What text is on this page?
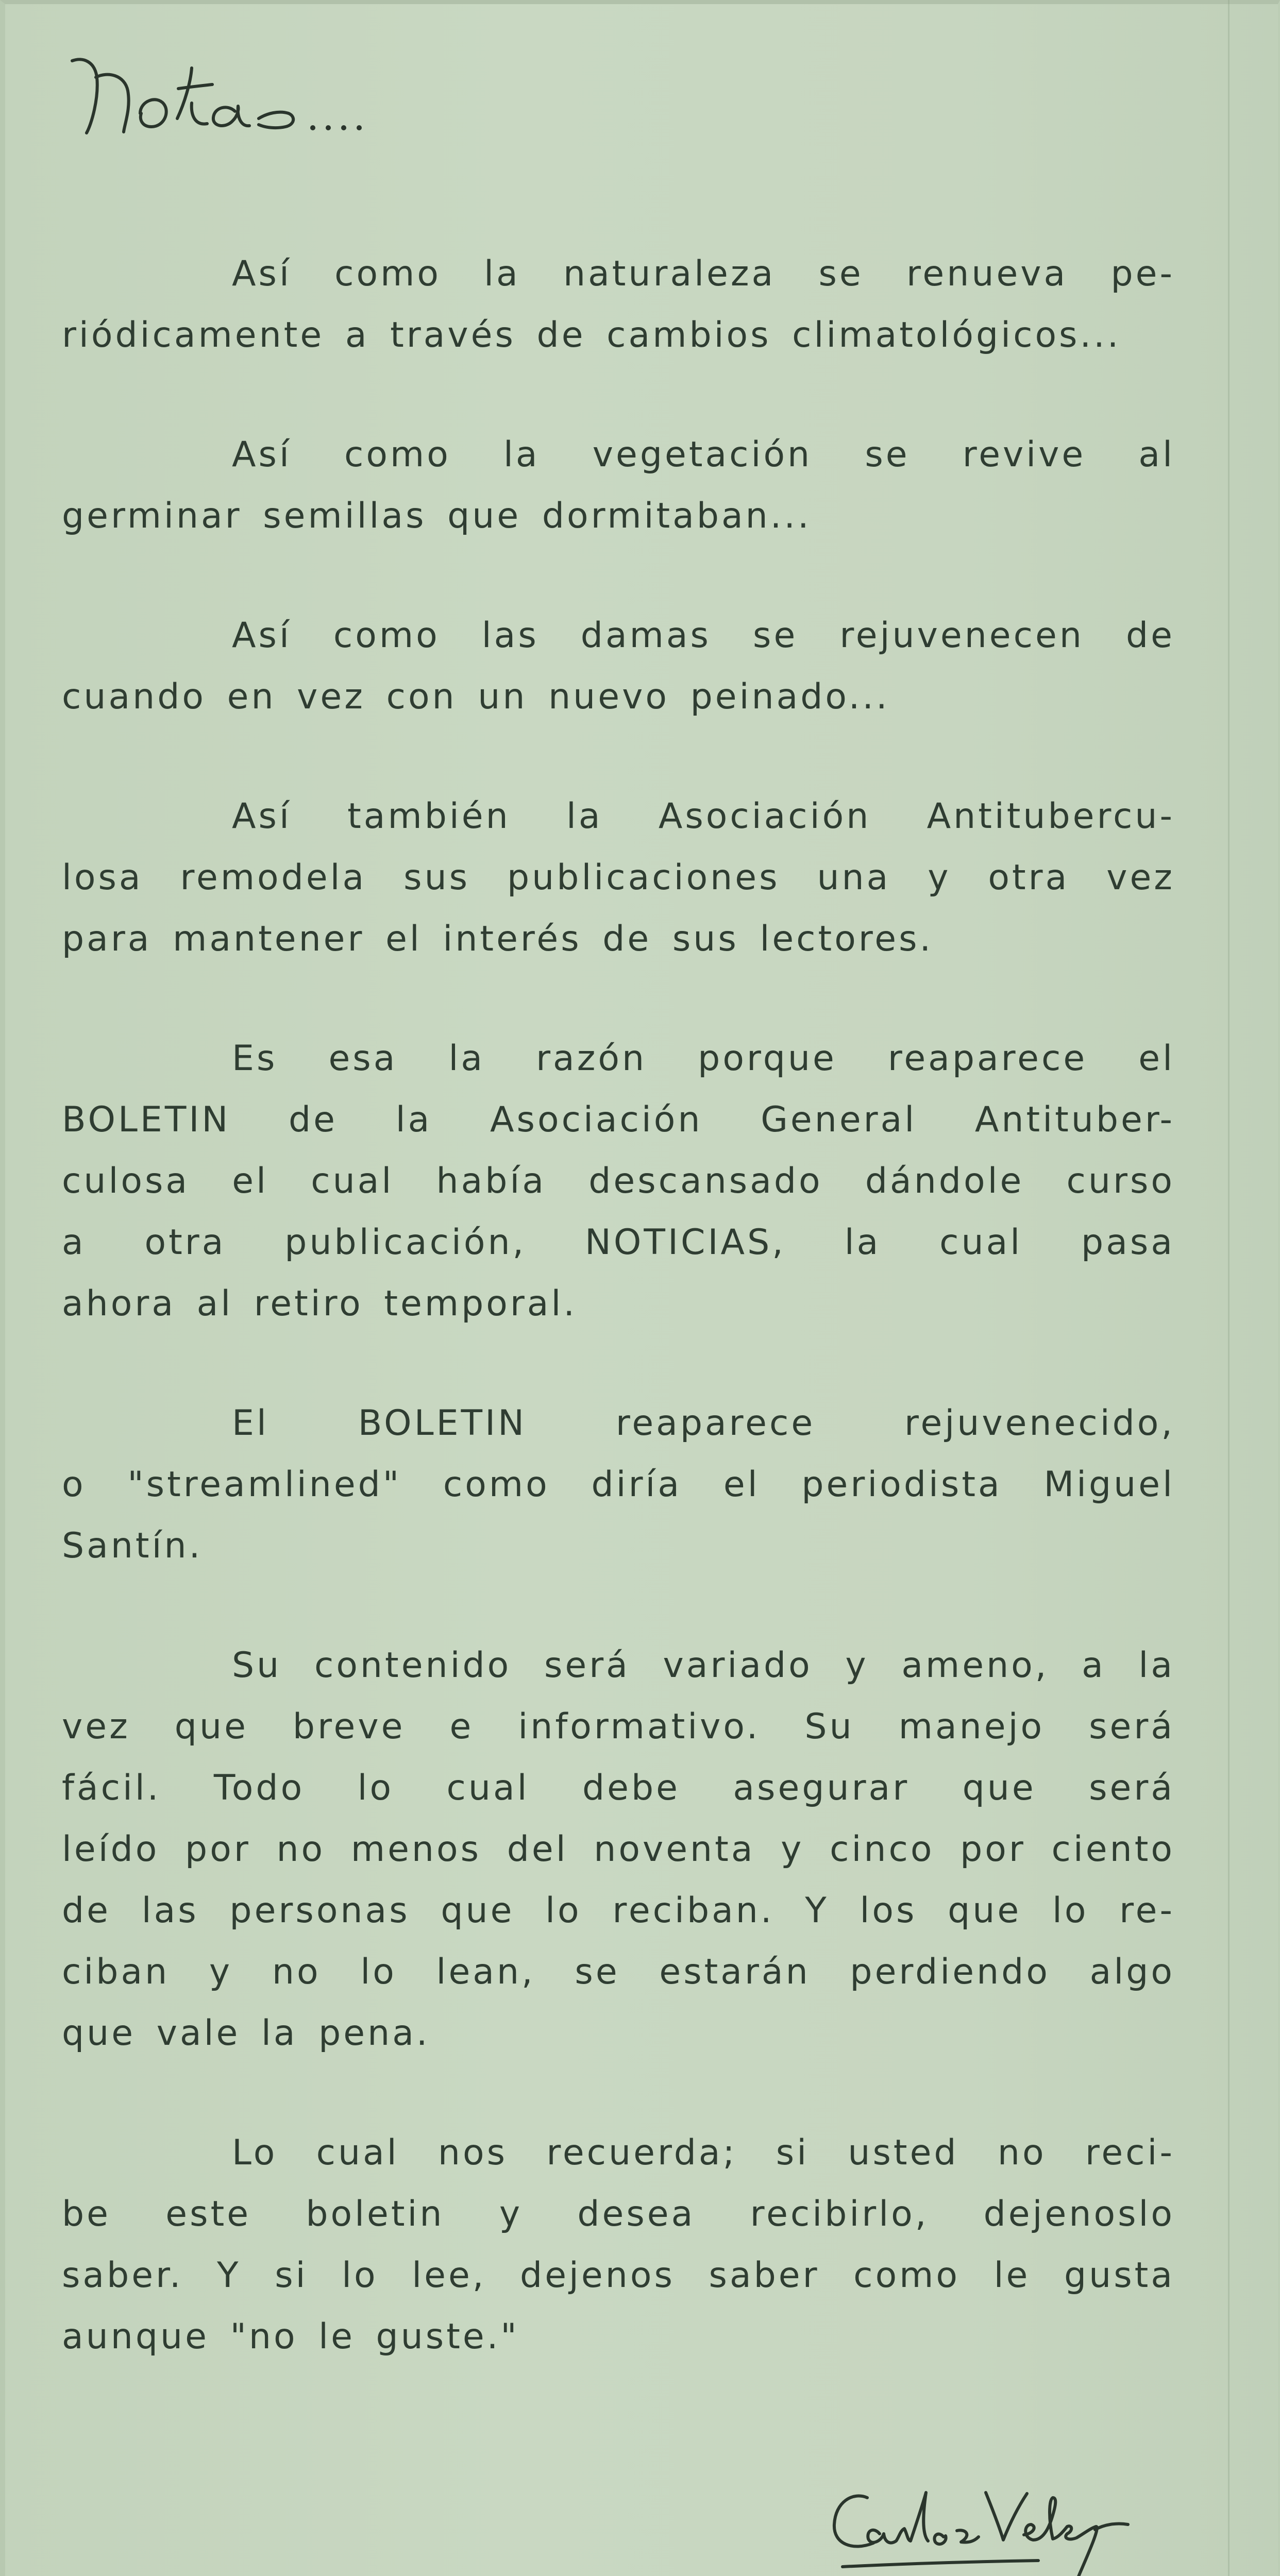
Así como la naturaleza se renueva pe-
riódicamente a través de cambios climatológicos...
Así como la vegetación se revive al
germinar semillas que dormitaban...
Así como las damas se rejuvenecen de
cuando en vez con un nuevo peinado...
Así también la Asociación Antitubercu-
losa remodela sus publicaciones una y otra vez
para mantener el interés de sus lectores.
Es esa la razón porque reaparece el
BOLETIN de la Asociación General Antituber-
culosa el cual había descansado dándole curso
a otra publicación, NOTICIAS, la cual pasa
ahora al retiro temporal.
El BOLETIN reaparece rejuvenecido,
o "streamlined" como diría el periodista Miguel
Santín.
Su contenido será variado y ameno, a la
vez que breve e informativo. Su manejo será
fácil. Todo lo cual debe asegurar que será
leído por no menos del noventa y cinco por ciento
de las personas que lo reciban. Y los que lo re-
ciban y no lo lean, se estarán perdiendo algo
que vale la pena.
Lo cual nos recuerda; si usted no reci-
be este boletin y desea recibirlo, dejenoslo
saber. Y si lo lee, dejenos saber como le gusta
aunque "no le guste."
